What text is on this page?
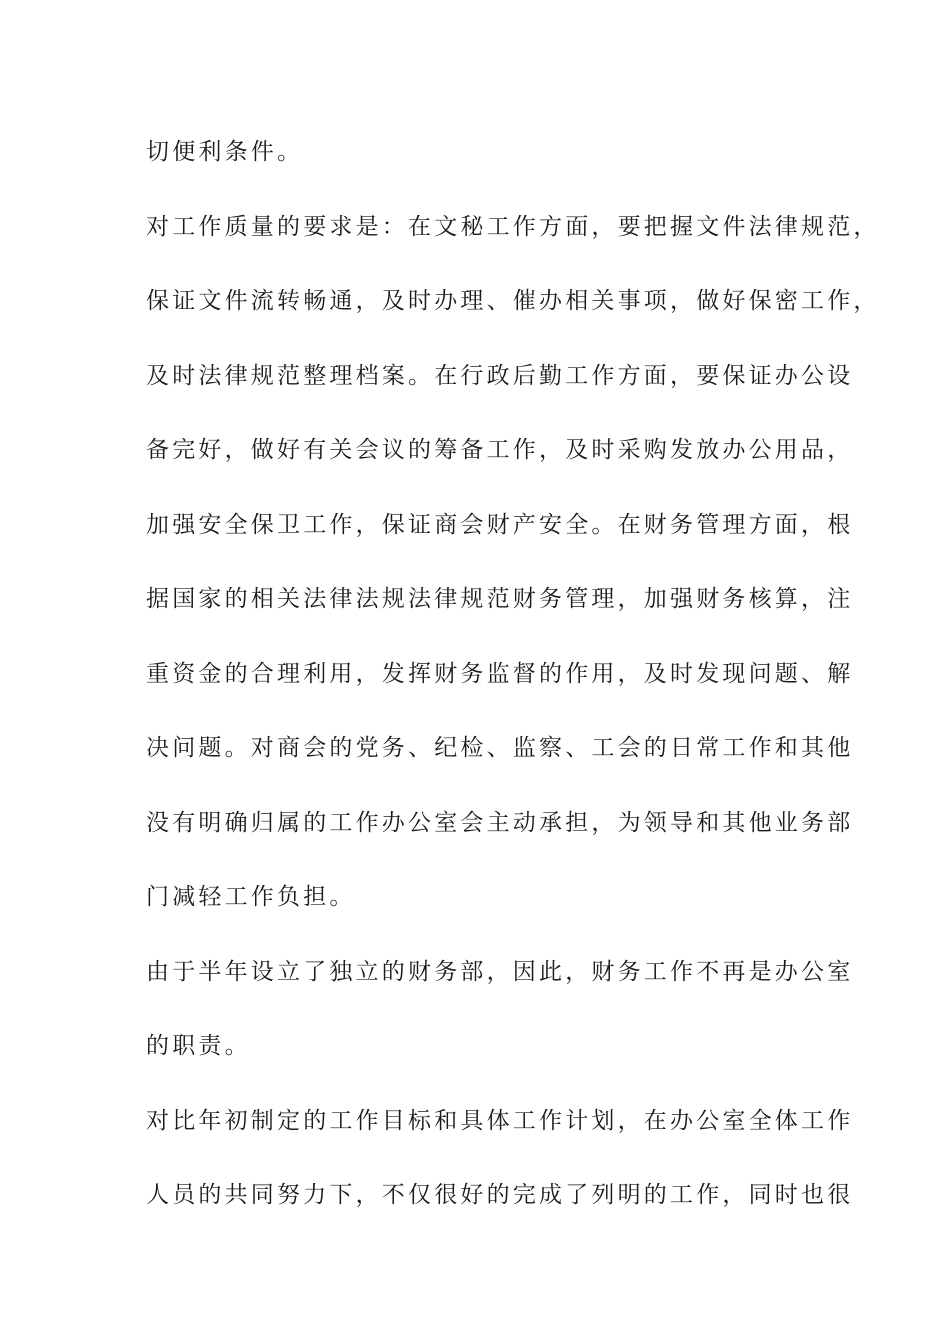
切便利条件。

对工作质量的要求是：在文秘工作方面，要把握文件法律规范，

保证文件流转畅通，及时办理、催办相关事项，做好保密工作，

及时法律规范整理档案。在行政后勤工作方面，要保证办公设

备完好，做好有关会议的筹备工作，及时采购发放办公用品，

加强安全保卫工作，保证商会财产安全。在财务管理方面，根

据国家的相关法律法规法律规范财务管理，加强财务核算，注

重资金的合理利用，发挥财务监督的作用，及时发现问题、解

决问题。对商会的党务、纪检、监察、工会的日常工作和其他

没有明确归属的工作办公室会主动承担，为领导和其他业务部

门减轻工作负担。

由于半年设立了独立的财务部，因此，财务工作不再是办公室

的职责。

对比年初制定的工作目标和具体工作计划，在办公室全体工作

人员的共同努力下，不仅很好的完成了列明的工作，同时也很
